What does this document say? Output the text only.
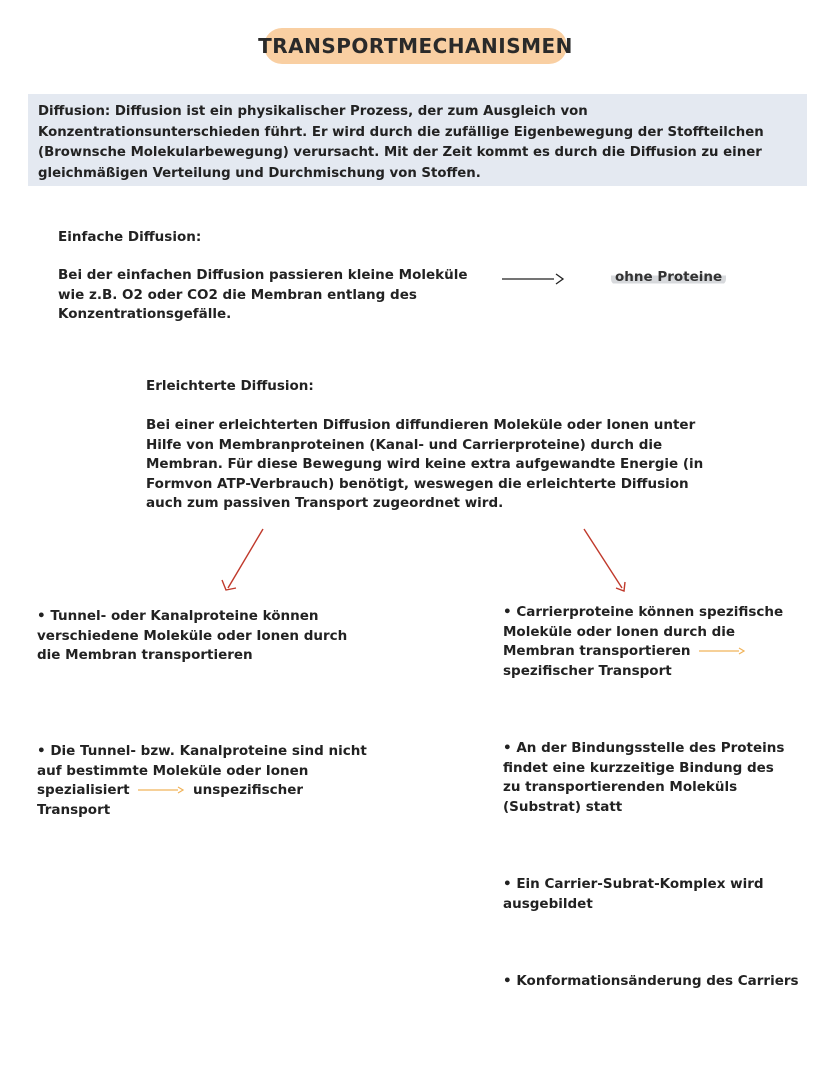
TRANSPORTMECHANISMEN

Diffusion: Diffusion ist ein physikalischer Prozess, der zum Ausgleich von Konzentrationsunterschieden führt. Er wird durch die zufällige Eigenbewegung der Stoffteilchen (Brownsche Molekularbewegung) verursacht. Mit der Zeit kommt es durch die Diffusion zu einer gleichmäßigen Verteilung und Durchmischung von Stoffen.

Einfache Diffusion:

Bei der einfachen Diffusion passieren kleine Moleküle wie z.B. O2 oder CO2 die Membran entlang des Konzentrationsgefälle.

ohne Proteine
Erleichterte Diffusion:

Bei einer erleichterten Diffusion diffundieren Moleküle oder Ionen unter Hilfe von Membranproteinen (Kanal- und Carrierproteine) durch die Membran. Für diese Bewegung wird keine extra aufgewandte Energie (in Formvon ATP-Verbrauch) benötigt, weswegen die erleichterte Diffusion auch zum passiven Transport zugeordnet wird.

• Tunnel- oder Kanalproteine können verschiedene Moleküle oder Ionen durch die Membran transportieren

• Die Tunnel- bzw. Kanalproteine sind nicht auf bestimmte Moleküle oder Ionen spezialisiert	unspezifischer Transport

• Carrierproteine können spezifische Moleküle oder Ionen durch die Membran transportieren  spezifischer Transport

• An der Bindungsstelle des Proteins findet eine kurzzeitige Bindung des zu transportierenden Moleküls (Substrat) statt

• Ein Carrier-Subrat-Komplex wird ausgebildet

• Konformationsänderung des Carriers
